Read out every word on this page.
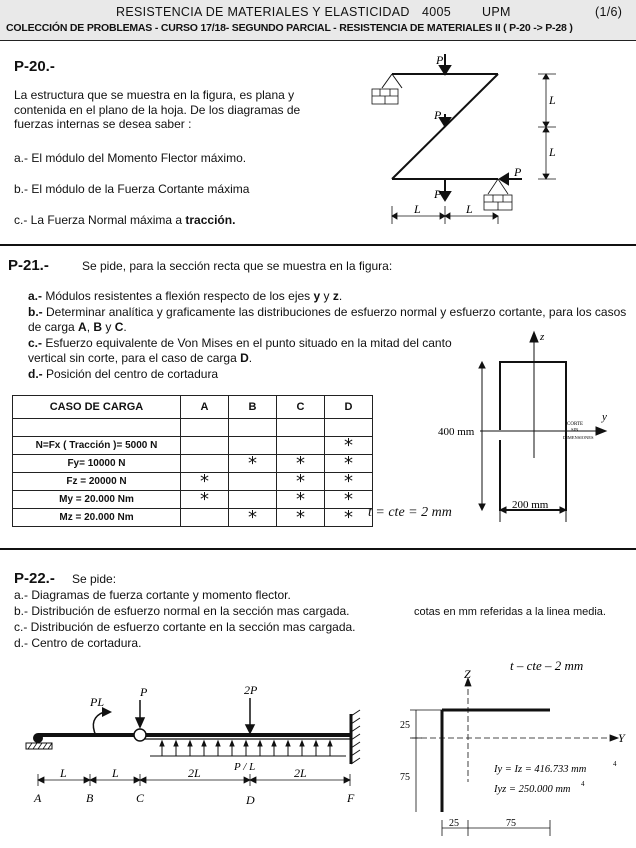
RESISTENCIA DE MATERIALES Y ELASTICIDAD 4005 UPM	(1/6)
COLECCIÓN DE PROBLEMAS - CURSO 17/18- SEGUNDO PARCIAL - RESISTENCIA DE MATERIALES II ( P-20 -> P-28 )
P-20.-
La estructura que se muestra en la figura, es plana y contenida en el plano de la hoja. De los diagramas de fuerzas internas se desea saber :
a.- El módulo del Momento Flector máximo.
b.- El módulo de la Fuerza Cortante máxima
c.- La Fuerza Normal máxima a tracción.
P
P
P
P
L
L
L	L
P-21.-	Se pide, para la sección recta que se muestra en la figura:
a.- Módulos resistentes a flexión respecto de los ejes y y z.
b.- Determinar analítica y graficamente las distribuciones de esfuerzo normal y esfuerzo cortante, para los casos de carga A, B y C.
c.- Esfuerzo equivalente de Von Mises en el punto situado en la mitad del canto vertical sin corte, para el caso de carga D.
d.- Posición del centro de cortadura
CASO DE CARGA	A	B	C	D

N=Fx ( Tracción )= 5000 N				*
Fy= 10000 N		*	*	*
Fz = 20000 N	*		*	*
My = 20.000 Nm	*		*	*
Mz = 20.000 Nm		*	*	* t = cte = 2 mm
z
y
400 mm
200 mm
CORTE
SIN
DIMENSIONES
P-22.- Se pide:
a.- Diagramas de fuerza cortante y momento flector.
b.- Distribución de esfuerzo normal en la sección mas cargada.	cotas en mm referidas a la linea media.
c.- Distribución de esfuerzo cortante en la sección mas cargada.
d.- Centro de cortadura.
PL
P	2P
P / L
L	L	2L	2L
A	B	C	D	F
t – cte – 2 mm
Z
Y
25
75
25	75
Iy = Iz = 416.733 mm	4
Iyz = 250.000 mm 4
